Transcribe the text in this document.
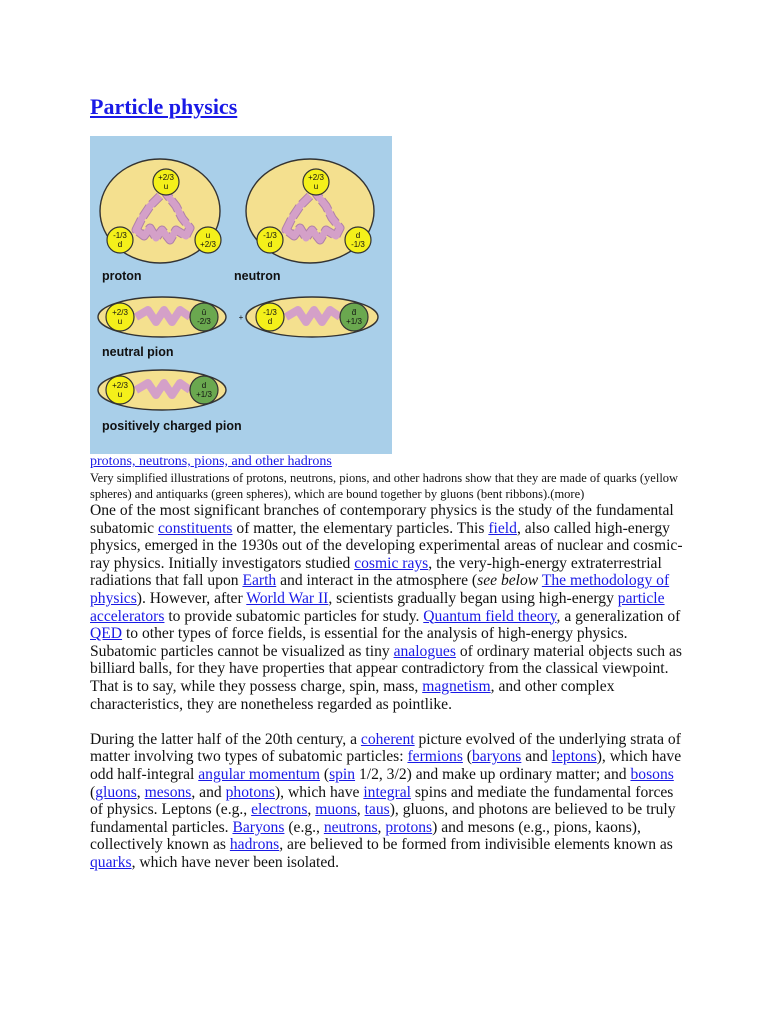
Particle physics
+2/3
u
-1/3
d
u
+2/3
proton
+2/3
u
-1/3
d
d
-1/3
neutron
+2/3
u
ū
-2/3	+
-1/3
d
d̄
+1/3
neutral pion
+2/3
u
d
+1/3
positively charged pion
protons, neutrons, pions, and other hadrons

Very simplified illustrations of protons, neutrons, pions, and other hadrons show that they are made of quarks (yellow spheres) and antiquarks (green spheres), which are bound together by gluons (bent ribbons).(more)

One of the most significant branches of contemporary physics is the study of the fundamental subatomic constituents of matter, the elementary particles. This field, also called high-energy physics, emerged in the 1930s out of the developing experimental areas of nuclear and cosmic-ray physics. Initially investigators studied cosmic rays, the very-high-energy extraterrestrial radiations that fall upon Earth and interact in the atmosphere (see below The methodology of physics). However, after World War II, scientists gradually began using high-energy particle accelerators to provide subatomic particles for study. Quantum field theory, a generalization of QED to other types of force fields, is essential for the analysis of high-energy physics. Subatomic particles cannot be visualized as tiny analogues of ordinary material objects such as billiard balls, for they have properties that appear contradictory from the classical viewpoint. That is to say, while they possess charge, spin, mass, magnetism, and other complex characteristics, they are nonetheless regarded as pointlike.

During the latter half of the 20th century, a coherent picture evolved of the underlying strata of matter involving two types of subatomic particles: fermions (baryons and leptons), which have odd half-integral angular momentum (spin 1/2, 3/2) and make up ordinary matter; and bosons (gluons, mesons, and photons), which have integral spins and mediate the fundamental forces of physics. Leptons (e.g., electrons, muons, taus), gluons, and photons are believed to be truly fundamental particles. Baryons (e.g., neutrons, protons) and mesons (e.g., pions, kaons), collectively known as hadrons, are believed to be formed from indivisible elements known as quarks, which have never been isolated.
